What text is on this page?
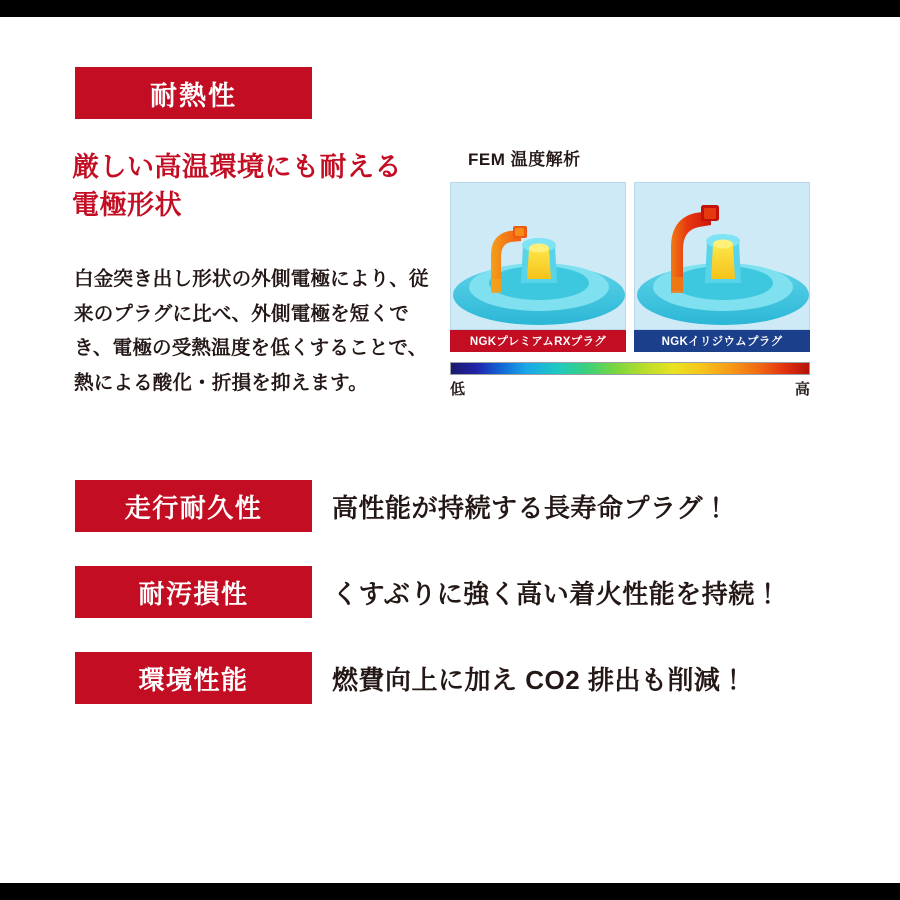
耐熱性
厳しい高温環境にも耐える
電極形状
白金突き出し形状の外側電極により、従来のプラグに比べ、外側電極を短くでき、電極の受熱温度を低くすることで、熱による酸化・折損を抑えます。
FEM 温度解析
NGKプレミアムRXプラグ	NGKイリジウムプラグ
低	高
走行耐久性	高性能が持続する長寿命プラグ！
耐汚損性	くすぶりに強く高い着火性能を持続！
環境性能	燃費向上に加え CO2 排出も削減！
